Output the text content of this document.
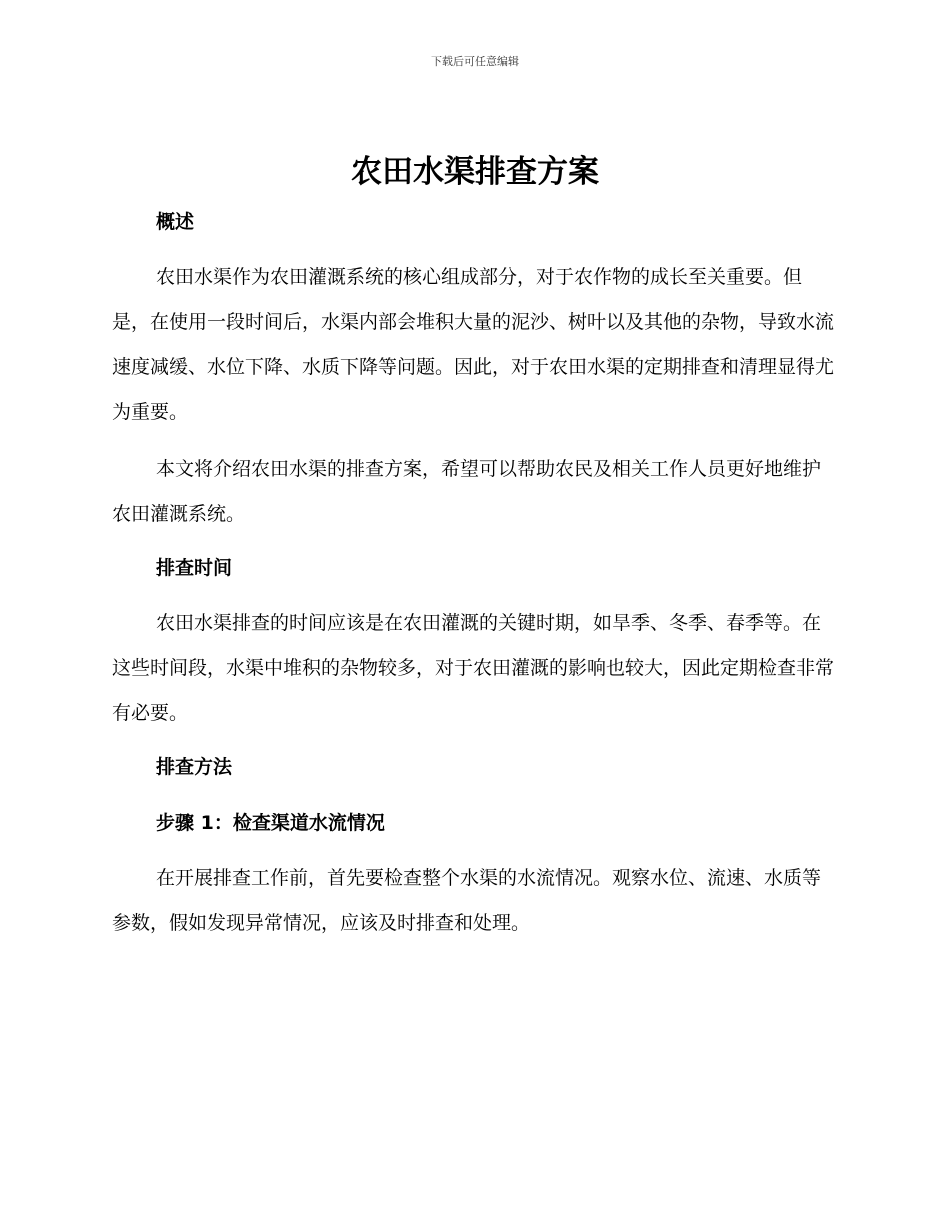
下载后可任意编辑
农田水渠排查方案
概述

农田水渠作为农田灌溉系统的核心组成部分，对于农作物的成长至关重要。但是，在使用一段时间后，水渠内部会堆积大量的泥沙、树叶以及其他的杂物，导致水流速度减缓、水位下降、水质下降等问题。因此，对于农田水渠的定期排查和清理显得尤为重要。

本文将介绍农田水渠的排查方案，希望可以帮助农民及相关工作人员更好地维护农田灌溉系统。

排查时间

农田水渠排查的时间应该是在农田灌溉的关键时期，如旱季、冬季、春季等。在这些时间段，水渠中堆积的杂物较多，对于农田灌溉的影响也较大，因此定期检查非常有必要。

排查方法
步骤 1：检查渠道水流情况

在开展排查工作前，首先要检查整个水渠的水流情况。观察水位、流速、水质等参数，假如发现异常情况，应该及时排查和处理。
